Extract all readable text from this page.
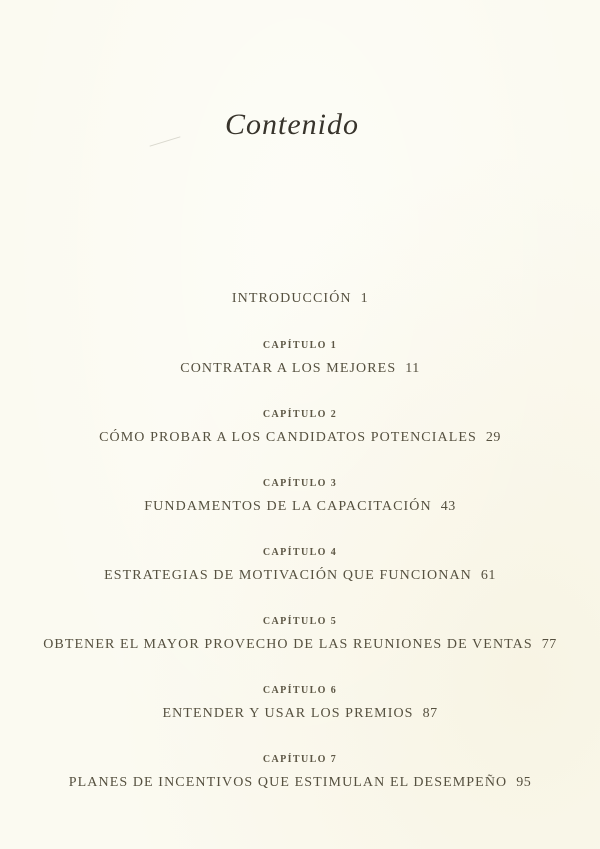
Contenido
INTRODUCCIÓN 1
CAPÍTULO 1
CONTRATAR A LOS MEJORES 11
CAPÍTULO 2
CÓMO PROBAR A LOS CANDIDATOS POTENCIALES 29
CAPÍTULO 3
FUNDAMENTOS DE LA CAPACITACIÓN 43
CAPÍTULO 4
ESTRATEGIAS DE MOTIVACIÓN QUE FUNCIONAN 61
CAPÍTULO 5
OBTENER EL MAYOR PROVECHO DE LAS REUNIONES DE VENTAS 77
CAPÍTULO 6
ENTENDER Y USAR LOS PREMIOS 87
CAPÍTULO 7
PLANES DE INCENTIVOS QUE ESTIMULAN EL DESEMPEÑO 95
